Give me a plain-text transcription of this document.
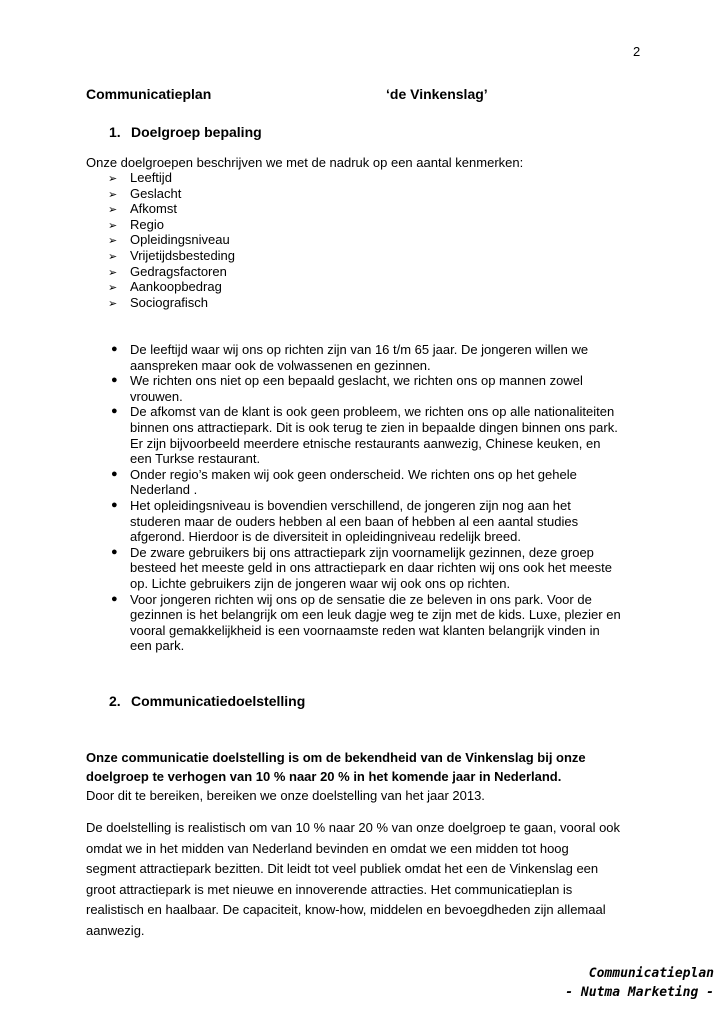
2
Communicatieplan	‘de Vinkenslag’
1. Doelgroep bepaling
Onze doelgroepen beschrijven we met de nadruk op een aantal kenmerken:
➢ Leeftijd
➢ Geslacht
➢ Afkomst
➢ Regio
➢ Opleidingsniveau
➢ Vrijetijdsbesteding
➢ Gedragsfactoren
➢ Aankoopbedrag
➢ Sociografisch
● De leeftijd waar wij ons op richten zijn van 16 t/m 65 jaar. De jongeren willen we
aanspreken maar ook de volwassenen en gezinnen.
● We richten ons niet op een bepaald geslacht, we richten ons op mannen zowel
vrouwen.
● De afkomst van de klant is ook geen probleem, we richten ons op alle nationaliteiten
binnen ons attractiepark. Dit is ook terug te zien in bepaalde dingen binnen ons park.
Er zijn bijvoorbeeld meerdere etnische restaurants aanwezig, Chinese keuken, en
een Turkse restaurant.
● Onder regio’s maken wij ook geen onderscheid. We richten ons op het gehele
Nederland .
● Het opleidingsniveau is bovendien verschillend, de jongeren zijn nog aan het
studeren maar de ouders hebben al een baan of hebben al een aantal studies
afgerond. Hierdoor is de diversiteit in opleidingniveau redelijk breed.
● De zware gebruikers bij ons attractiepark zijn voornamelijk gezinnen, deze groep
besteed het meeste geld in ons attractiepark en daar richten wij ons ook het meeste
op. Lichte gebruikers zijn de jongeren waar wij ook ons op richten.
● Voor jongeren richten wij ons op de sensatie die ze beleven in ons park. Voor de
gezinnen is het belangrijk om een leuk dagje weg te zijn met de kids. Luxe, plezier en
vooral gemakkelijkheid is een voornaamste reden wat klanten belangrijk vinden in
een park.
2. Communicatiedoelstelling
Onze communicatie doelstelling is om de bekendheid van de Vinkenslag bij onze
doelgroep te verhogen van 10 % naar 20 % in het komende jaar in Nederland.
Door dit te bereiken, bereiken we onze doelstelling van het jaar 2013.
De doelstelling is realistisch om van 10 % naar 20 % van onze doelgroep te gaan, vooral ook
omdat we in het midden van Nederland bevinden en omdat we een midden tot hoog
segment attractiepark bezitten. Dit leidt tot veel publiek omdat het een de Vinkenslag een
groot attractiepark is met nieuwe en innoverende attracties. Het communicatieplan is
realistisch en haalbaar. De capaciteit, know-how, middelen en bevoegdheden zijn allemaal
aanwezig.
Communicatieplan
- Nutma Marketing -
